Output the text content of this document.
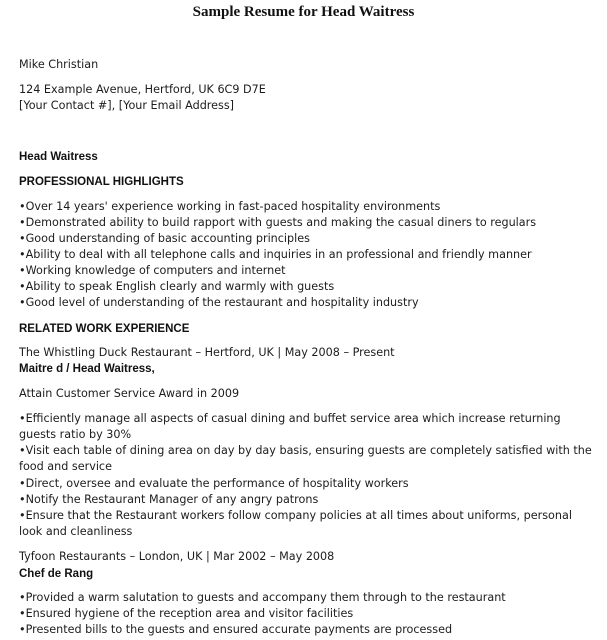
Sample Resume for Head Waitress
Mike Christian
124 Example Avenue, Hertford, UK 6C9 D7E
[Your Contact #], [Your Email Address]
Head Waitress
PROFESSIONAL HIGHLIGHTS
• Over 14 years' experience working in fast-paced hospitality environments
• Demonstrated ability to build rapport with guests and making the casual diners to regulars
• Good understanding of basic accounting principles
• Ability to deal with all telephone calls and inquiries in an professional and friendly manner
• Working knowledge of computers and internet
• Ability to speak English clearly and warmly with guests
• Good level of understanding of the restaurant and hospitality industry
RELATED WORK EXPERIENCE
The Whistling Duck Restaurant – Hertford, UK | May 2008 – Present
Maitre d / Head Waitress,
Attain Customer Service Award in 2009
• Efficiently manage all aspects of casual dining and buffet service area which increase returning guests ratio by 30%
• Visit each table of dining area on day by day basis, ensuring guests are completely satisfied with the food and service
• Direct, oversee and evaluate the performance of hospitality workers
• Notify the Restaurant Manager of any angry patrons
• Ensure that the Restaurant workers follow company policies at all times about uniforms, personal look and cleanliness
Tyfoon Restaurants – London, UK | Mar 2002 – May 2008
Chef de Rang
• Provided a warm salutation to guests and accompany them through to the restaurant
• Ensured hygiene of the reception area and visitor facilities
• Presented bills to the guests and ensured accurate payments are processed
